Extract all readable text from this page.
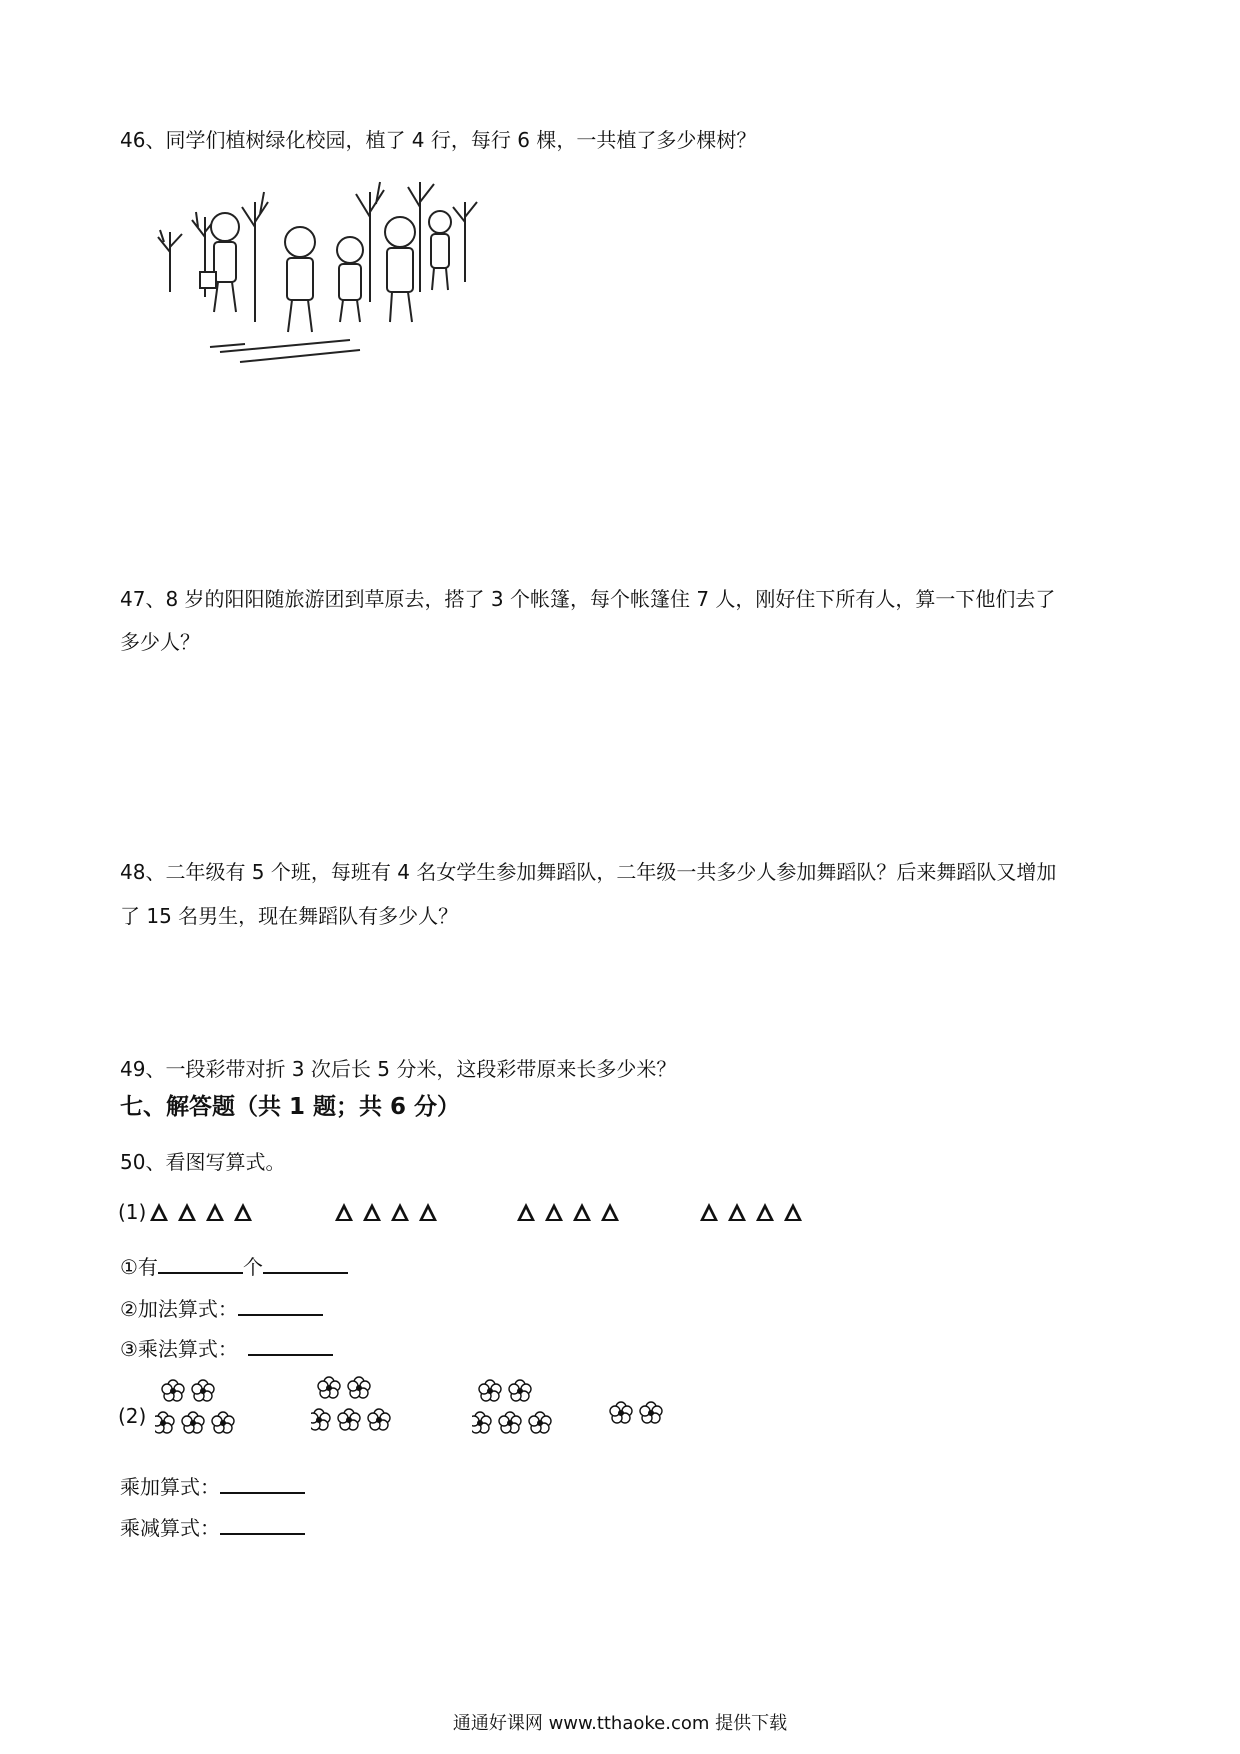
46、同学们植树绿化校园，植了 4 行，每行 6 棵，一共植了多少棵树？
47、8 岁的阳阳随旅游团到草原去，搭了 3 个帐篷，每个帐篷住 7 人，刚好住下所有人，算一下他们去了
多少人？
48、二年级有 5 个班，每班有 4 名女学生参加舞蹈队，二年级一共多少人参加舞蹈队？后来舞蹈队又增加
了 15 名男生，现在舞蹈队有多少人？
49、一段彩带对折 3 次后长 5 分米，这段彩带原来长多少米？
七、解答题（共 1 题；共 6 分）
50、看图写算式。
(1)
①有	个
②加法算式：
③乘法算式：
(2)
乘加算式：
乘减算式：
通通好课网 www.tthaoke.com 提供下载
